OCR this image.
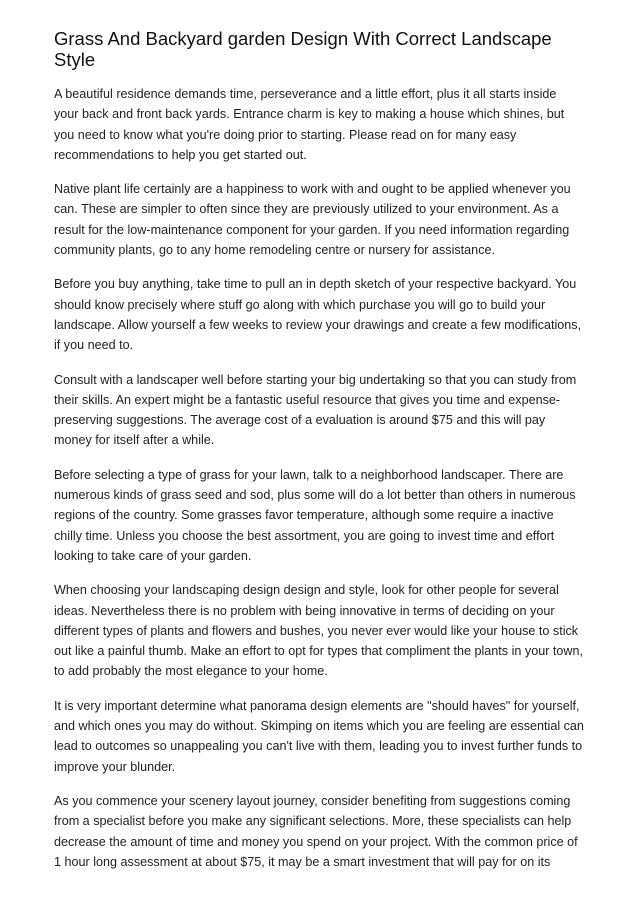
Grass And Backyard garden Design With Correct Landscape Style

A beautiful residence demands time, perseverance and a little effort, plus it all starts inside your back and front back yards. Entrance charm is key to making a house which shines, but you need to know what you're doing prior to starting. Please read on for many easy recommendations to help you get started out.

Native plant life certainly are a happiness to work with and ought to be applied whenever you can. These are simpler to often since they are previously utilized to your environment. As a result for the low-maintenance component for your garden. If you need information regarding community plants, go to any home remodeling centre or nursery for assistance.

Before you buy anything, take time to pull an in depth sketch of your respective backyard. You should know precisely where stuff go along with which purchase you will go to build your landscape. Allow yourself a few weeks to review your drawings and create a few modifications, if you need to.

Consult with a landscaper well before starting your big undertaking so that you can study from their skills. An expert might be a fantastic useful resource that gives you time and expense-preserving suggestions. The average cost of a evaluation is around $75 and this will pay money for itself after a while.

Before selecting a type of grass for your lawn, talk to a neighborhood landscaper. There are numerous kinds of grass seed and sod, plus some will do a lot better than others in numerous regions of the country. Some grasses favor temperature, although some require a inactive chilly time. Unless you choose the best assortment, you are going to invest time and effort looking to take care of your garden.

When choosing your landscaping design design and style, look for other people for several ideas. Nevertheless there is no problem with being innovative in terms of deciding on your different types of plants and flowers and bushes, you never ever would like your house to stick out like a painful thumb. Make an effort to opt for types that compliment the plants in your town, to add probably the most elegance to your home.

It is very important determine what panorama design elements are "should haves" for yourself, and which ones you may do without. Skimping on items which you are feeling are essential can lead to outcomes so unappealing you can't live with them, leading you to invest further funds to improve your blunder.

As you commence your scenery layout journey, consider benefiting from suggestions coming from a specialist before you make any significant selections. More, these specialists can help decrease the amount of time and money you spend on your project. With the common price of 1 hour long assessment at about $75, it may be a smart investment that will pay for on its
